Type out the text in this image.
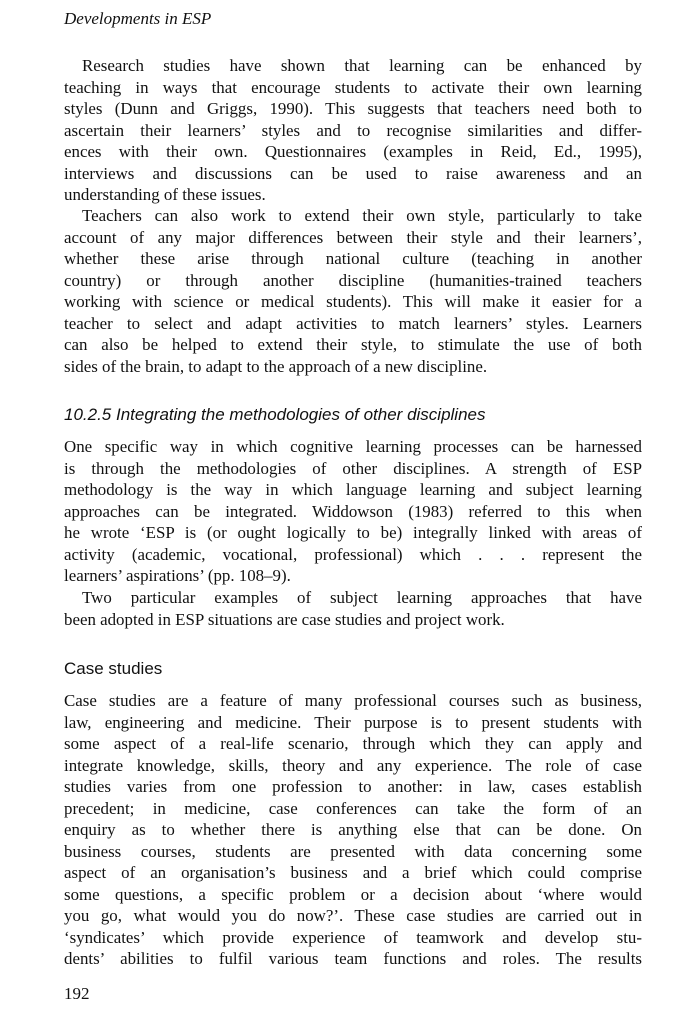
Developments in ESP
Research studies have shown that learning can be enhanced by
teaching in ways that encourage students to activate their own learning
styles (Dunn and Griggs, 1990). This suggests that teachers need both to
ascertain their learners’ styles and to recognise similarities and differ-
ences with their own. Questionnaires (examples in Reid, Ed., 1995),
interviews and discussions can be used to raise awareness and an
understanding of these issues.
Teachers can also work to extend their own style, particularly to take
account of any major differences between their style and their learners’,
whether these arise through national culture (teaching in another
country) or through another discipline (humanities-trained teachers
working with science or medical students). This will make it easier for a
teacher to select and adapt activities to match learners’ styles. Learners
can also be helped to extend their style, to stimulate the use of both
sides of the brain, to adapt to the approach of a new discipline.
10.2.5 Integrating the methodologies of other disciplines
One specific way in which cognitive learning processes can be harnessed
is through the methodologies of other disciplines. A strength of ESP
methodology is the way in which language learning and subject learning
approaches can be integrated. Widdowson (1983) referred to this when
he wrote ‘ESP is (or ought logically to be) integrally linked with areas of
activity (academic, vocational, professional) which . . . represent the
learners’ aspirations’ (pp. 108–9).
Two particular examples of subject learning approaches that have
been adopted in ESP situations are case studies and project work.
Case studies
Case studies are a feature of many professional courses such as business,
law, engineering and medicine. Their purpose is to present students with
some aspect of a real-life scenario, through which they can apply and
integrate knowledge, skills, theory and any experience. The role of case
studies varies from one profession to another: in law, cases establish
precedent; in medicine, case conferences can take the form of an
enquiry as to whether there is anything else that can be done. On
business courses, students are presented with data concerning some
aspect of an organisation’s business and a brief which could comprise
some questions, a specific problem or a decision about ‘where would
you go, what would you do now?’. These case studies are carried out in
‘syndicates’ which provide experience of teamwork and develop stu-
dents’ abilities to fulfil various team functions and roles. The results
192
